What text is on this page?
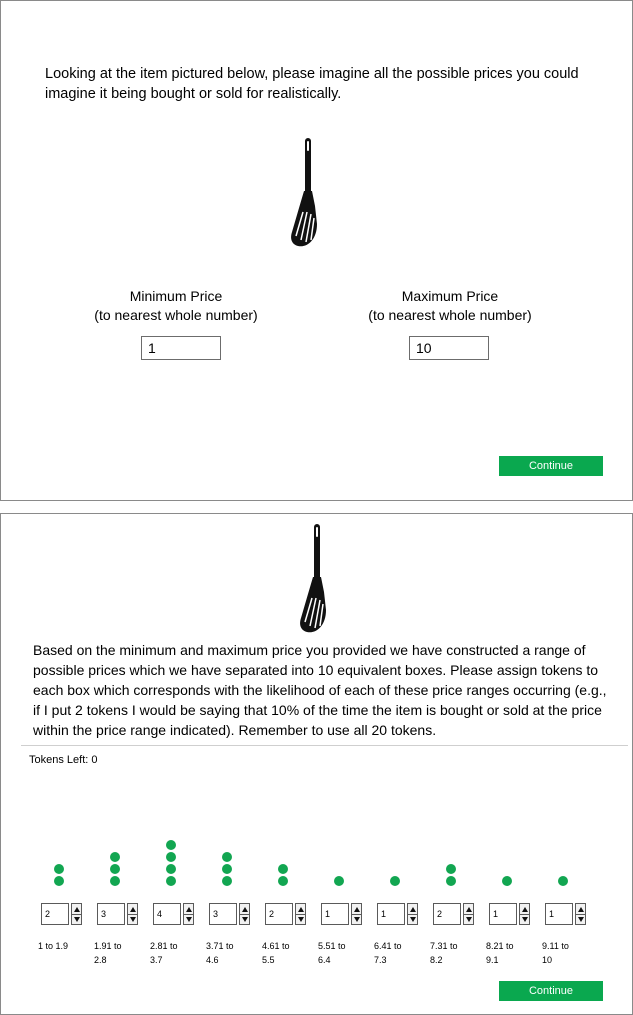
Looking at the item pictured below, please imagine all the possible prices you could imagine it being bought or sold for realistically.
Minimum Price
(to nearest whole number)
1
Maximum Price
(to nearest whole number)
10
Continue
Based on the minimum and maximum price you provided we have constructed a range of possible prices which we have separated into 10 equivalent boxes. Please assign tokens to each box which corresponds with the likelihood of each of these price ranges occurring (e.g., if I put 2 tokens I would be saying that 10% of the time the item is bought or sold at the price within the price range indicated). Remember to use all 20 tokens.
Tokens Left: 0
2
1 to 1.9
3
1.91 to
2.8
4
2.81 to
3.7
3
3.71 to
4.6
2
4.61 to
5.5
1
5.51 to
6.4
1
6.41 to
7.3
2
7.31 to
8.2
1
8.21 to
9.1
1
9.11 to
10
Continue
